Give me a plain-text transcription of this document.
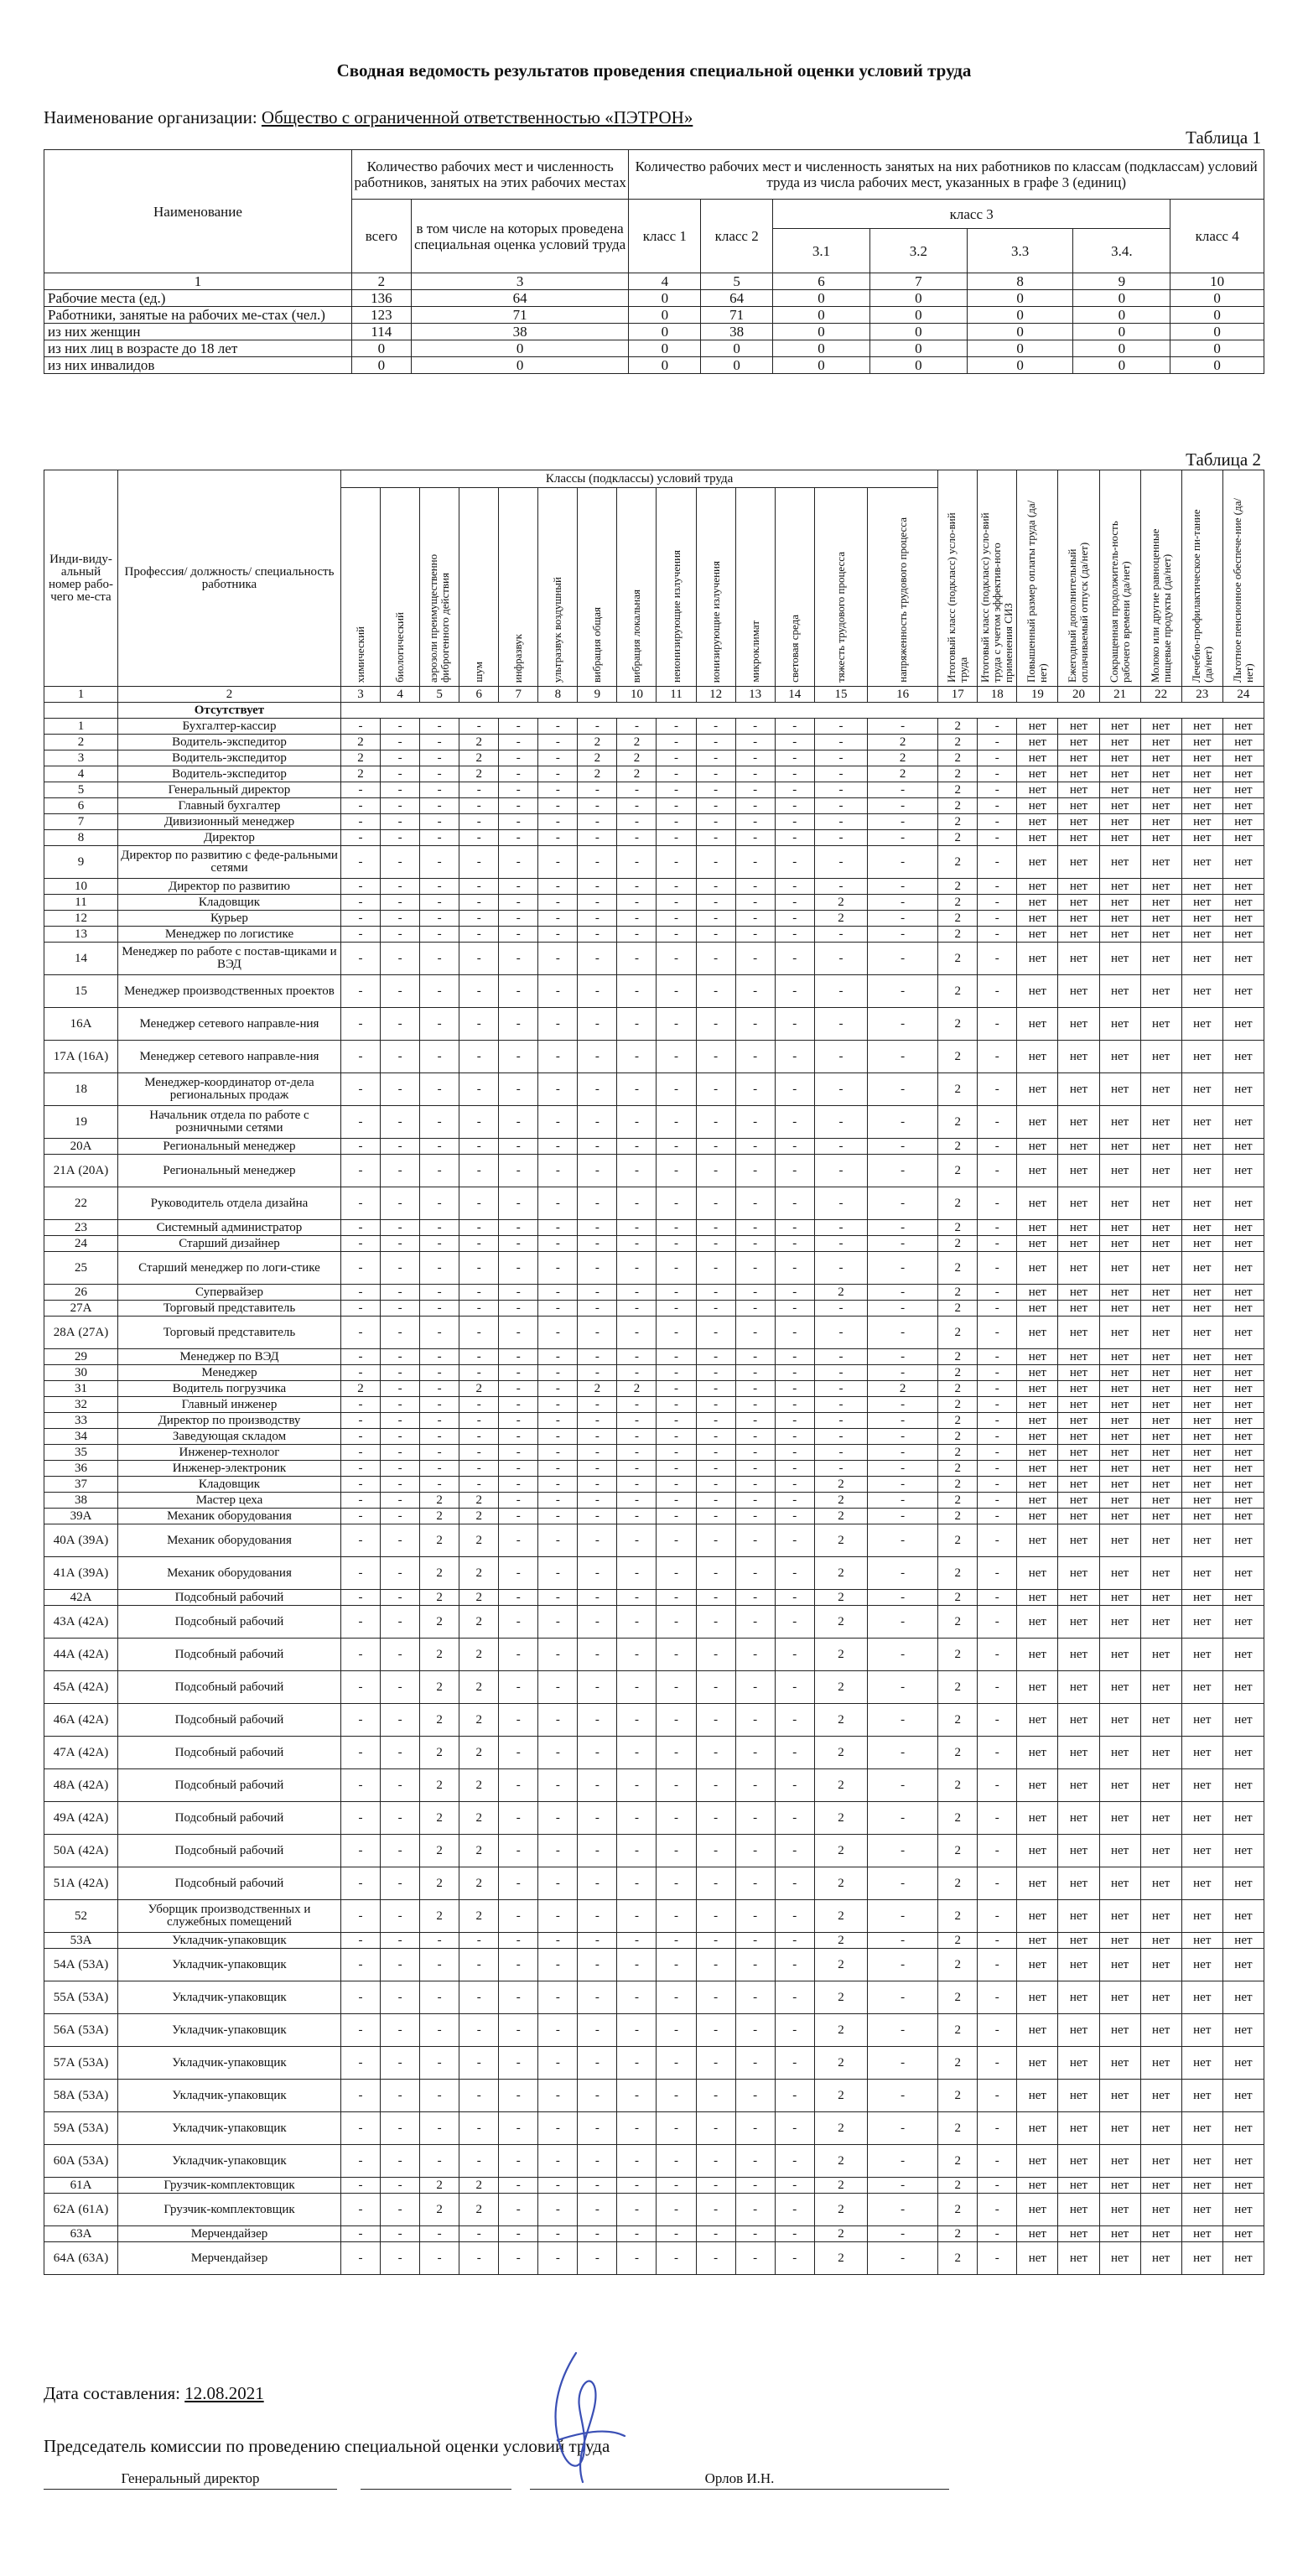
Сводная ведомость результатов проведения специальной оценки условий труда
Наименование организации: Общество с ограниченной ответственностью «ПЭТРОН»
Таблица 1
Наименование	Количество рабочих мест и численность работников, занятых на этих рабочих местах		Количество рабочих мест и численность занятых на них работников по классам (подклассам) условий труда из числа рабочих мест, указанных в графе 3 (единиц)						
	всего	в том числе на которых проведена специальная оценка условий труда	класс 1	класс 2	класс 3				класс 4
					3.1	3.2	3.3	3.4.	
1	2	3	4	5	6	7	8	9	10
Рабочие места (ед.)	136	64	0	64	0	0	0	0	0
Работники, занятые на рабочих ме-стах (чел.)	123	71	0	71	0	0	0	0	0
из них женщин	114	38	0	38	0	0	0	0	0
из них лиц в возрасте до 18 лет	0	0	0	0	0	0	0	0	0
из них инвалидов	0	0	0	0	0	0	0	0	0
Таблица 2
Инди-виду-альный номер рабо-чего ме-ста	Профессия/ должность/ специальность работника	Классы (подклассы) условий труда														Итоговый класс (подкласс) усло-вий труда	Итоговый класс (подкласс) усло-вий труда с учетом эффектив-ного применения СИЗ	Повышенный размер оплаты труда (да/нет)	Ежегодный дополнительный оплачиваемый отпуск (да/нет)	Сокращенная продолжитель-ность рабочего времени (да/нет)	Молоко или другие равноценные пищевые продукты (да/нет)	Лечебно-профилактическое пи-тание (да/нет)	Льготное пенсионное обеспече-ние (да/нет)
		химический	биологический	аэрозоли преимущественно фиброгенного действия	шум	инфразвук	ультразвук воздушный	вибрация общая	вибрация локальная	неионизирующие излучения	ионизирующие излучения	микроклимат	световая среда	тяжесть трудового процесса	напряженность трудового процесса								
1	2	3	4	5	6	7	8	9	10	11	12	13	14	15	16	17	18	19	20	21	22	23	24
	Отсутствует																						
1	Бухгалтер-кассир	-	-	-	-	-	-	-	-	-	-	-	-	-	-	2	-	нет	нет	нет	нет	нет	нет
2	Водитель-экспедитор	2	-	-	2	-	-	2	2	-	-	-	-	-	2	2	-	нет	нет	нет	нет	нет	нет
3	Водитель-экспедитор	2	-	-	2	-	-	2	2	-	-	-	-	-	2	2	-	нет	нет	нет	нет	нет	нет
4	Водитель-экспедитор	2	-	-	2	-	-	2	2	-	-	-	-	-	2	2	-	нет	нет	нет	нет	нет	нет
5	Генеральный директор	-	-	-	-	-	-	-	-	-	-	-	-	-	-	2	-	нет	нет	нет	нет	нет	нет
6	Главный бухгалтер	-	-	-	-	-	-	-	-	-	-	-	-	-	-	2	-	нет	нет	нет	нет	нет	нет
7	Дивизионный менеджер	-	-	-	-	-	-	-	-	-	-	-	-	-	-	2	-	нет	нет	нет	нет	нет	нет
8	Директор	-	-	-	-	-	-	-	-	-	-	-	-	-	-	2	-	нет	нет	нет	нет	нет	нет
9	Директор по развитию с феде-ральными сетями	-	-	-	-	-	-	-	-	-	-	-	-	-	-	2	-	нет	нет	нет	нет	нет	нет
10	Директор по развитию	-	-	-	-	-	-	-	-	-	-	-	-	-	-	2	-	нет	нет	нет	нет	нет	нет
11	Кладовщик	-	-	-	-	-	-	-	-	-	-	-	-	2	-	2	-	нет	нет	нет	нет	нет	нет
12	Курьер	-	-	-	-	-	-	-	-	-	-	-	-	2	-	2	-	нет	нет	нет	нет	нет	нет
13	Менеджер по логистике	-	-	-	-	-	-	-	-	-	-	-	-	-	-	2	-	нет	нет	нет	нет	нет	нет
14	Менеджер по работе с постав-щиками и ВЭД	-	-	-	-	-	-	-	-	-	-	-	-	-	-	2	-	нет	нет	нет	нет	нет	нет
15	Менеджер производственных проектов	-	-	-	-	-	-	-	-	-	-	-	-	-	-	2	-	нет	нет	нет	нет	нет	нет
16А	Менеджер сетевого направле-ния	-	-	-	-	-	-	-	-	-	-	-	-	-	-	2	-	нет	нет	нет	нет	нет	нет
17А (16А)	Менеджер сетевого направле-ния	-	-	-	-	-	-	-	-	-	-	-	-	-	-	2	-	нет	нет	нет	нет	нет	нет
18	Менеджер-координатор от-дела региональных продаж	-	-	-	-	-	-	-	-	-	-	-	-	-	-	2	-	нет	нет	нет	нет	нет	нет
19	Начальник отдела по работе с розничными сетями	-	-	-	-	-	-	-	-	-	-	-	-	-	-	2	-	нет	нет	нет	нет	нет	нет
20А	Региональный менеджер	-	-	-	-	-	-	-	-	-	-	-	-	-	-	2	-	нет	нет	нет	нет	нет	нет
21А (20А)	Региональный менеджер	-	-	-	-	-	-	-	-	-	-	-	-	-	-	2	-	нет	нет	нет	нет	нет	нет
22	Руководитель отдела дизайна	-	-	-	-	-	-	-	-	-	-	-	-	-	-	2	-	нет	нет	нет	нет	нет	нет
23	Системный администратор	-	-	-	-	-	-	-	-	-	-	-	-	-	-	2	-	нет	нет	нет	нет	нет	нет
24	Старший дизайнер	-	-	-	-	-	-	-	-	-	-	-	-	-	-	2	-	нет	нет	нет	нет	нет	нет
25	Старший менеджер по логи-стике	-	-	-	-	-	-	-	-	-	-	-	-	-	-	2	-	нет	нет	нет	нет	нет	нет
26	Супервайзер	-	-	-	-	-	-	-	-	-	-	-	-	2	-	2	-	нет	нет	нет	нет	нет	нет
27А	Торговый представитель	-	-	-	-	-	-	-	-	-	-	-	-	-	-	2	-	нет	нет	нет	нет	нет	нет
28А (27А)	Торговый представитель	-	-	-	-	-	-	-	-	-	-	-	-	-	-	2	-	нет	нет	нет	нет	нет	нет
29	Менеджер по ВЭД	-	-	-	-	-	-	-	-	-	-	-	-	-	-	2	-	нет	нет	нет	нет	нет	нет
30	Менеджер	-	-	-	-	-	-	-	-	-	-	-	-	-	-	2	-	нет	нет	нет	нет	нет	нет
31	Водитель погрузчика	2	-	-	2	-	-	2	2	-	-	-	-	-	2	2	-	нет	нет	нет	нет	нет	нет
32	Главный инженер	-	-	-	-	-	-	-	-	-	-	-	-	-	-	2	-	нет	нет	нет	нет	нет	нет
33	Директор по производству	-	-	-	-	-	-	-	-	-	-	-	-	-	-	2	-	нет	нет	нет	нет	нет	нет
34	Заведующая складом	-	-	-	-	-	-	-	-	-	-	-	-	-	-	2	-	нет	нет	нет	нет	нет	нет
35	Инженер-технолог	-	-	-	-	-	-	-	-	-	-	-	-	-	-	2	-	нет	нет	нет	нет	нет	нет
36	Инженер-электроник	-	-	-	-	-	-	-	-	-	-	-	-	-	-	2	-	нет	нет	нет	нет	нет	нет
37	Кладовщик	-	-	-	-	-	-	-	-	-	-	-	-	2	-	2	-	нет	нет	нет	нет	нет	нет
38	Мастер цеха	-	-	2	2	-	-	-	-	-	-	-	-	2	-	2	-	нет	нет	нет	нет	нет	нет
39А	Механик оборудования	-	-	2	2	-	-	-	-	-	-	-	-	2	-	2	-	нет	нет	нет	нет	нет	нет
40А (39А)	Механик оборудования	-	-	2	2	-	-	-	-	-	-	-	-	2	-	2	-	нет	нет	нет	нет	нет	нет
41А (39А)	Механик оборудования	-	-	2	2	-	-	-	-	-	-	-	-	2	-	2	-	нет	нет	нет	нет	нет	нет
42А	Подсобный рабочий	-	-	2	2	-	-	-	-	-	-	-	-	2	-	2	-	нет	нет	нет	нет	нет	нет
43А (42А)	Подсобный рабочий	-	-	2	2	-	-	-	-	-	-	-	-	2	-	2	-	нет	нет	нет	нет	нет	нет
44А (42А)	Подсобный рабочий	-	-	2	2	-	-	-	-	-	-	-	-	2	-	2	-	нет	нет	нет	нет	нет	нет
45А (42А)	Подсобный рабочий	-	-	2	2	-	-	-	-	-	-	-	-	2	-	2	-	нет	нет	нет	нет	нет	нет
46А (42А)	Подсобный рабочий	-	-	2	2	-	-	-	-	-	-	-	-	2	-	2	-	нет	нет	нет	нет	нет	нет
47А (42А)	Подсобный рабочий	-	-	2	2	-	-	-	-	-	-	-	-	2	-	2	-	нет	нет	нет	нет	нет	нет
48А (42А)	Подсобный рабочий	-	-	2	2	-	-	-	-	-	-	-	-	2	-	2	-	нет	нет	нет	нет	нет	нет
49А (42А)	Подсобный рабочий	-	-	2	2	-	-	-	-	-	-	-	-	2	-	2	-	нет	нет	нет	нет	нет	нет
50А (42А)	Подсобный рабочий	-	-	2	2	-	-	-	-	-	-	-	-	2	-	2	-	нет	нет	нет	нет	нет	нет
51А (42А)	Подсобный рабочий	-	-	2	2	-	-	-	-	-	-	-	-	2	-	2	-	нет	нет	нет	нет	нет	нет
52	Уборщик производственных и служебных помещений	-	-	2	2	-	-	-	-	-	-	-	-	2	-	2	-	нет	нет	нет	нет	нет	нет
53А	Укладчик-упаковщик	-	-	-	-	-	-	-	-	-	-	-	-	2	-	2	-	нет	нет	нет	нет	нет	нет
54А (53А)	Укладчик-упаковщик	-	-	-	-	-	-	-	-	-	-	-	-	2	-	2	-	нет	нет	нет	нет	нет	нет
55А (53А)	Укладчик-упаковщик	-	-	-	-	-	-	-	-	-	-	-	-	2	-	2	-	нет	нет	нет	нет	нет	нет
56А (53А)	Укладчик-упаковщик	-	-	-	-	-	-	-	-	-	-	-	-	2	-	2	-	нет	нет	нет	нет	нет	нет
57А (53А)	Укладчик-упаковщик	-	-	-	-	-	-	-	-	-	-	-	-	2	-	2	-	нет	нет	нет	нет	нет	нет
58А (53А)	Укладчик-упаковщик	-	-	-	-	-	-	-	-	-	-	-	-	2	-	2	-	нет	нет	нет	нет	нет	нет
59А (53А)	Укладчик-упаковщик	-	-	-	-	-	-	-	-	-	-	-	-	2	-	2	-	нет	нет	нет	нет	нет	нет
60А (53А)	Укладчик-упаковщик	-	-	-	-	-	-	-	-	-	-	-	-	2	-	2	-	нет	нет	нет	нет	нет	нет
61А	Грузчик-комплектовщик	-	-	2	2	-	-	-	-	-	-	-	-	2	-	2	-	нет	нет	нет	нет	нет	нет
62А (61А)	Грузчик-комплектовщик	-	-	2	2	-	-	-	-	-	-	-	-	2	-	2	-	нет	нет	нет	нет	нет	нет
63А	Мерчендайзер	-	-	-	-	-	-	-	-	-	-	-	-	2	-	2	-	нет	нет	нет	нет	нет	нет
64А (63А)	Мерчендайзер	-	-	-	-	-	-	-	-	-	-	-	-	2	-	2	-	нет	нет	нет	нет	нет	нет
Дата составления: 12.08.2021
Председатель комиссии по проведению специальной оценки условий труда
Генеральный директор	Орлов И.Н.
